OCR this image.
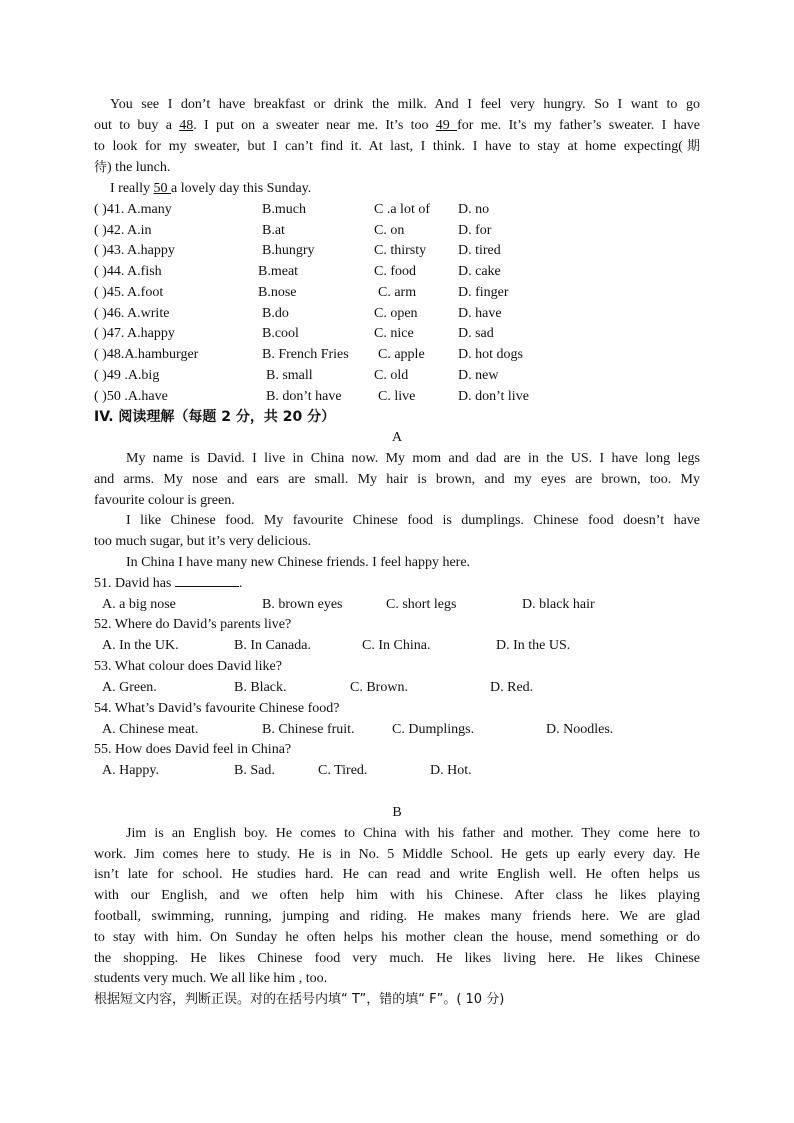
You see I don’t have breakfast or drink the milk. And I feel very hungry. So I want to go
out to buy a 48. I put on a sweater near me. It’s too 49 for me. It’s my father’s sweater. I have
to look for my sweater, but I can’t find it. At last, I think. I have to stay at home expecting(期
待) the lunch.
I really 50 a lovely day this Sunday.
( )41. A.many	B.much	C .a lot of D. no
( )42. A.in	B.at	C. on	D. for
( )43. A.happy	B.hungry	C. thirsty D. tired
( )44. A.fish	B.meat	C. food	D. cake
( )45. A.foot	B.nose	C. arm	D. finger
( )46. A.write	B.do	C. open	D. have
( )47. A.happy	B.cool	C. nice	D. sad
( )48.A.hamburger	B. French Fries C. apple D. hot dogs
( )49 .A.big	B. small	C. old	D. new
( )50 .A.have	B. don’t have	C. live	D. don’t live
IV. 阅读理解（每题 2 分，共 20 分）
A
My name is David. I live in China now. My mom and dad are in the US. I have long legs
and arms. My nose and ears are small. My hair is brown, and my eyes are brown, too. My
favourite colour is green.
I like Chinese food. My favourite Chinese food is dumplings. Chinese food doesn’t have
too much sugar, but it’s very delicious.
In China I have many new Chinese friends. I feel happy here.
51. David has	.
A. a big nose	B. brown eyes	C. short legs	D. black hair
52. Where do David’s parents live?
A. In the UK.	B. In Canada.	C. In China.	D. In the US.
53. What colour does David like?
A. Green.	B. Black.	C. Brown.	D. Red.
54. What’s David’s favourite Chinese food?
A. Chinese meat.	B. Chinese fruit.	C. Dumplings.	D. Noodles.
55. How does David feel in China?
A. Happy.	B. Sad.	C. Tired.	D. Hot.
B
Jim is an English boy. He comes to China with his father and mother. They come here to
work. Jim comes here to study. He is in No. 5 Middle School. He gets up early every day. He
isn’t late for school. He studies hard. He can read and write English well. He often helps us
with our English, and we often help him with his Chinese. After class he likes playing
football, swimming, running, jumping and riding. He makes many friends here. We are glad
to stay with him. On Sunday he often helps his mother clean the house, mend something or do
the shopping. He likes Chinese food very much. He likes living here. He likes Chinese
students very much. We all like him , too.
根据短文内容，判断正误。对的在括号内填“ T”，错的填“ F”。( 10 分)
